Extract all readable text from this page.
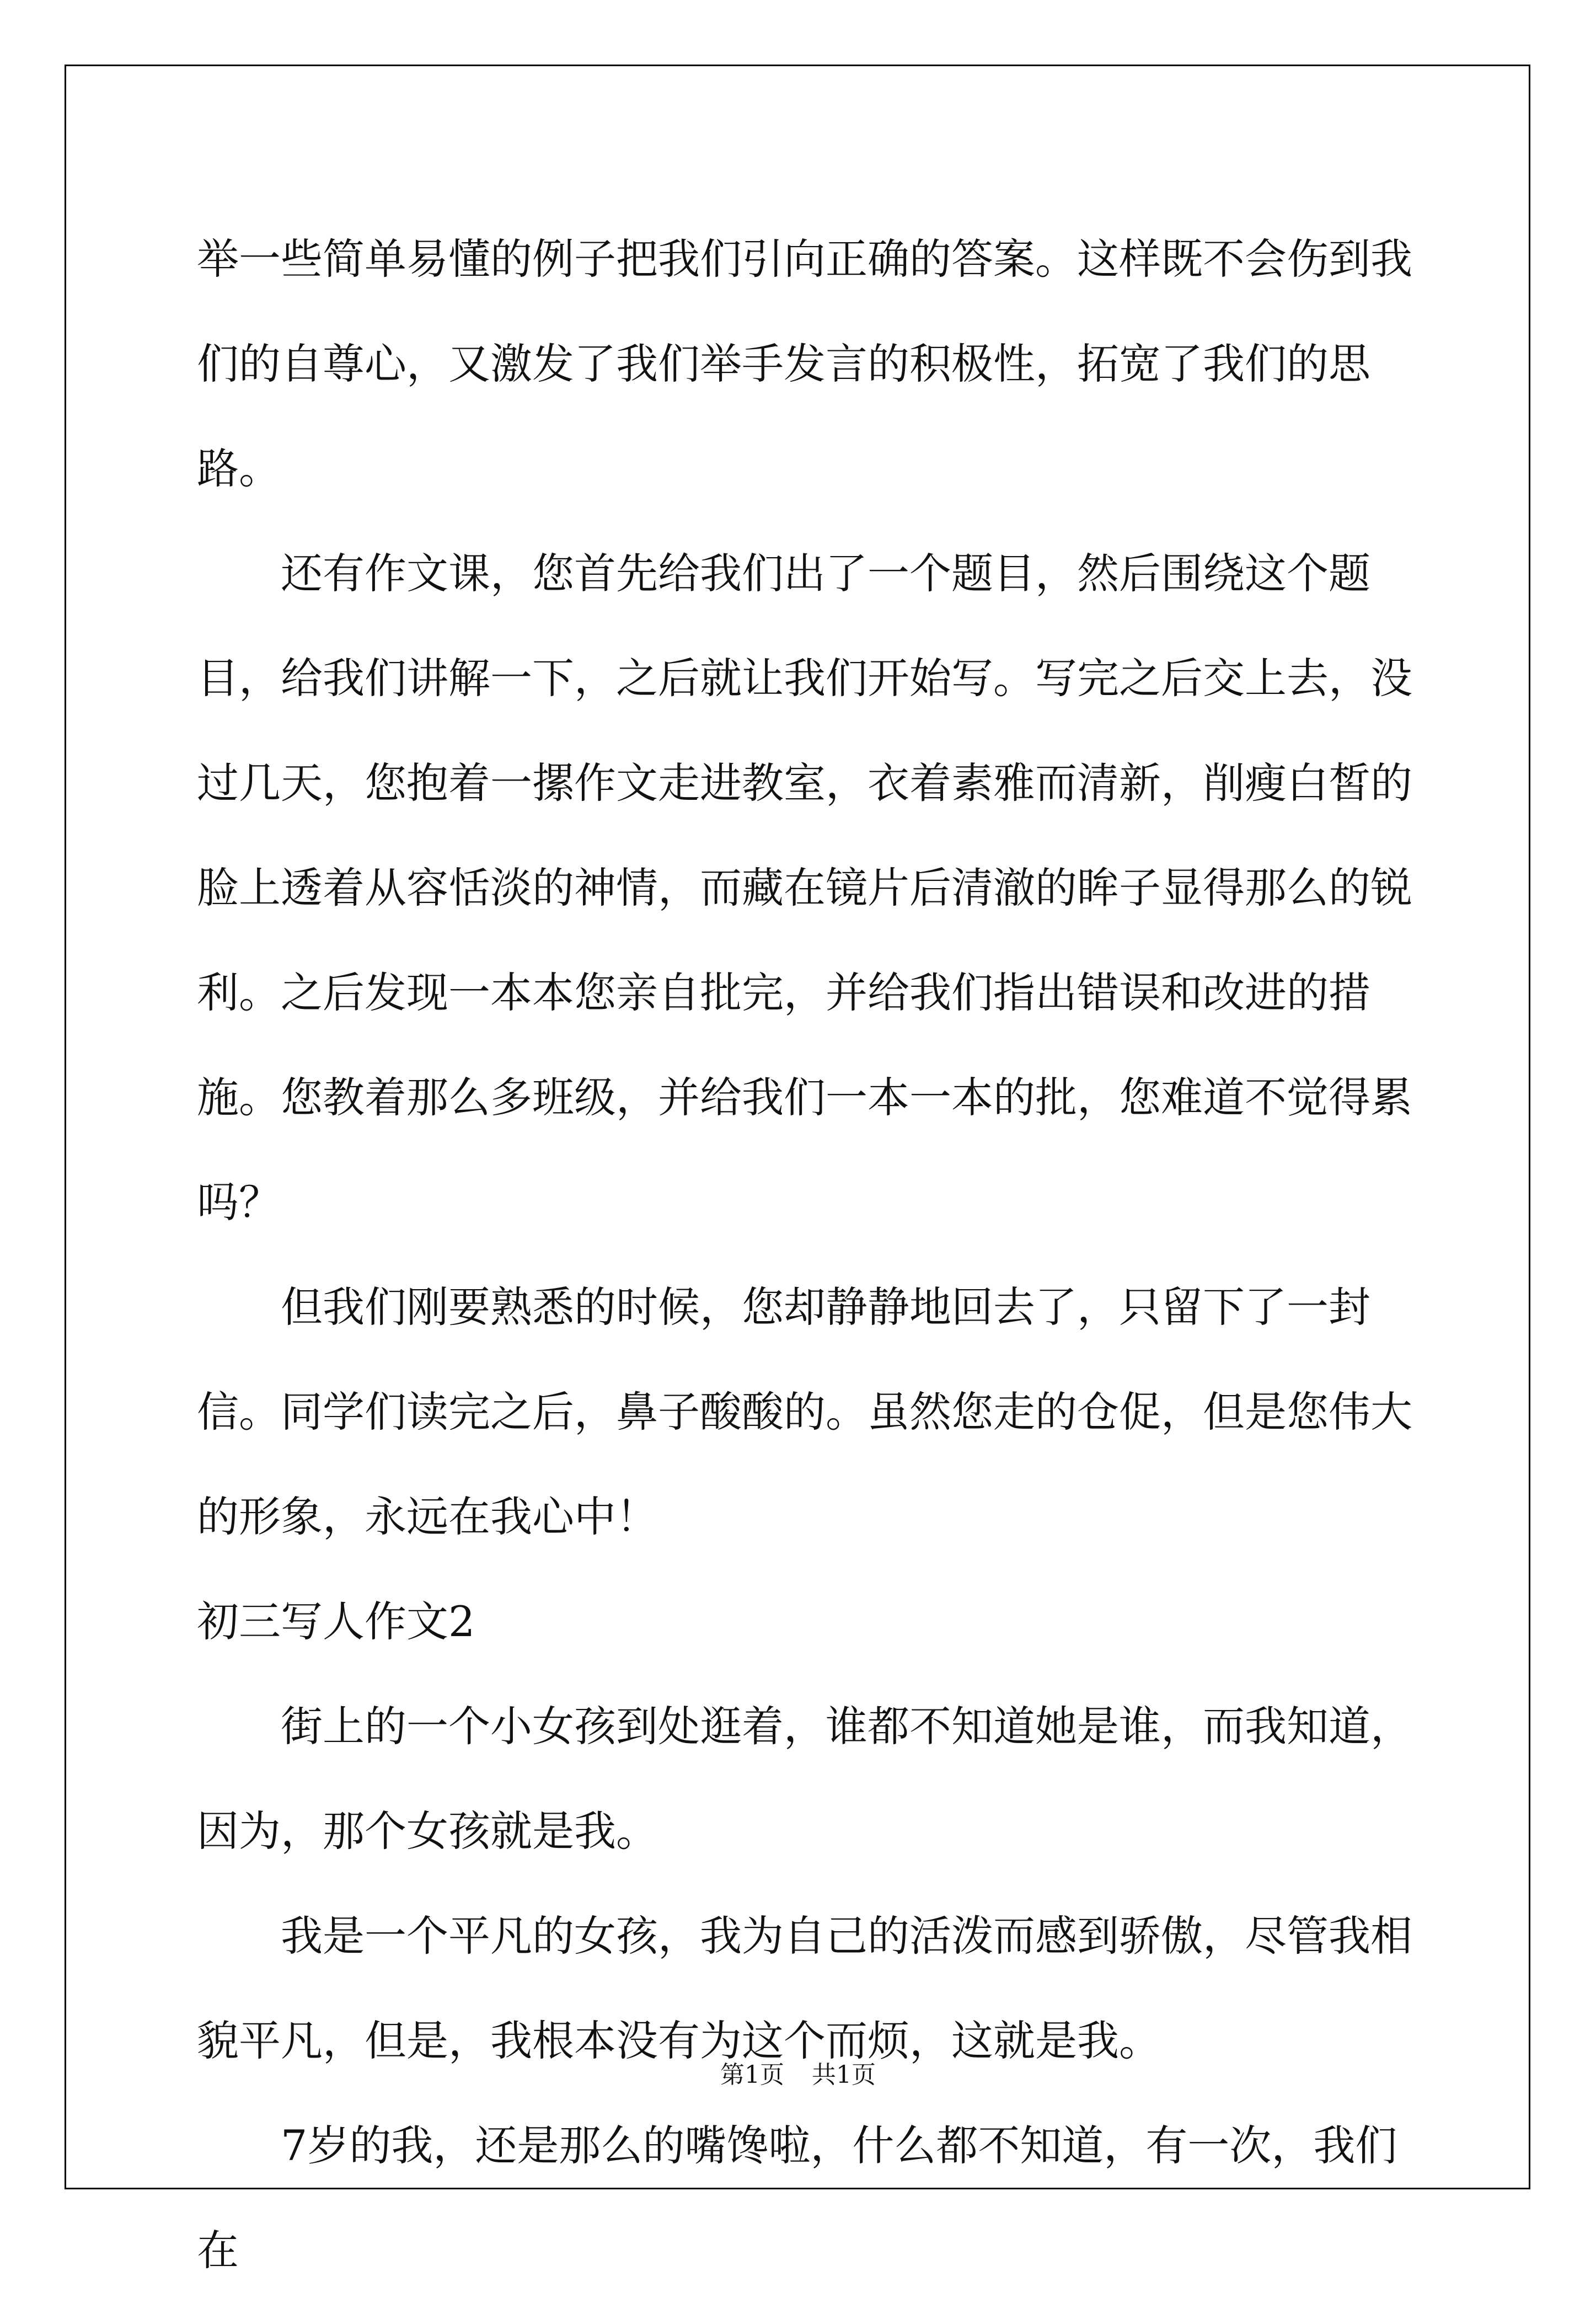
举一些简单易懂的例子把我们引向正确的答案。这样既不会伤到我们的自尊心，又激发了我们举手发言的积极性，拓宽了我们的思路。

还有作文课，您首先给我们出了一个题目，然后围绕这个题目，给我们讲解一下，之后就让我们开始写。写完之后交上去，没过几天，您抱着一摞作文走进教室，衣着素雅而清新，削瘦白皙的脸上透着从容恬淡的神情，而藏在镜片后清澈的眸子显得那么的锐利。之后发现一本本您亲自批完，并给我们指出错误和改进的措施。您教着那么多班级，并给我们一本一本的批，您难道不觉得累吗？

但我们刚要熟悉的时候，您却静静地回去了，只留下了一封信。同学们读完之后，鼻子酸酸的。虽然您走的仓促，但是您伟大的形象，永远在我心中！

初三写人作文2

街上的一个小女孩到处逛着，谁都不知道她是谁，而我知道，因为，那个女孩就是我。

我是一个平凡的女孩，我为自己的活泼而感到骄傲，尽管我相貌平凡，但是，我根本没有为这个而烦，这就是我。

7岁的我，还是那么的嘴馋啦，什么都不知道，有一次，我们在

第1页 共1页
